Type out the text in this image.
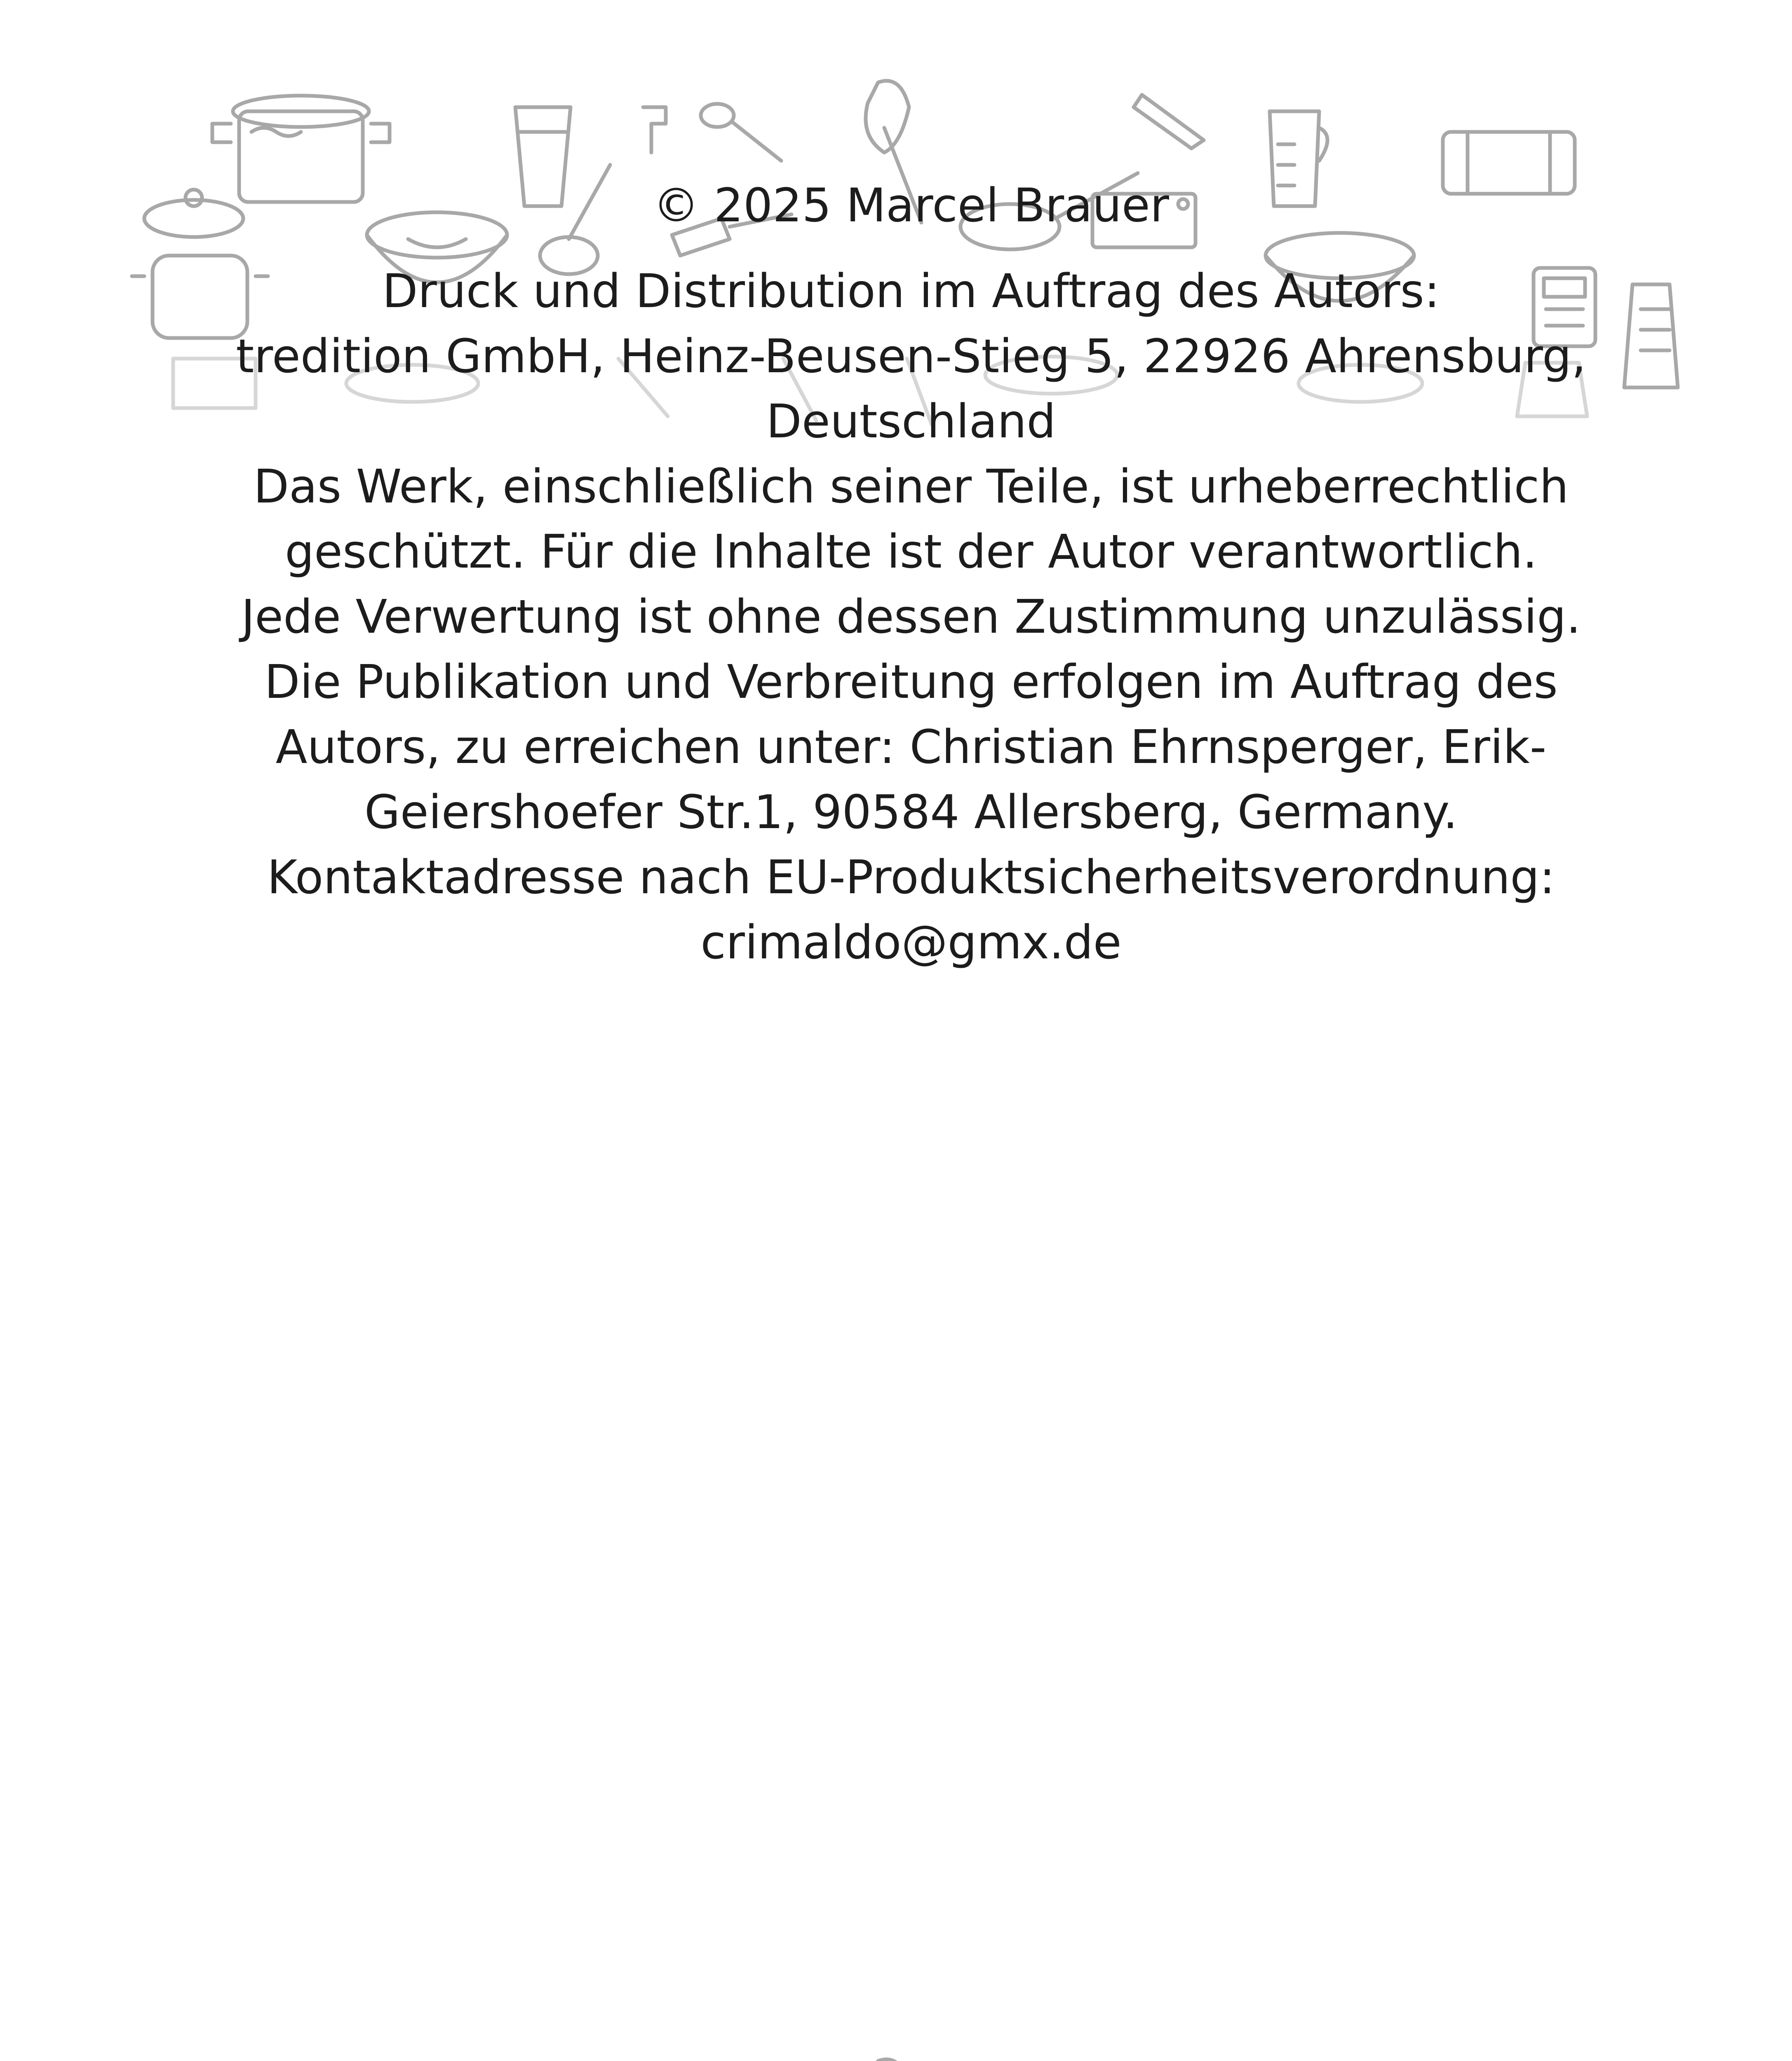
© 2025 Marcel Brauer

Druck und Distribution im Auftrag des Autors:

tredition GmbH, Heinz-Beusen-Stieg 5, 22926 Ahrensburg,

Deutschland

Das Werk, einschließlich seiner Teile, ist urheberrechtlich geschützt. Für die Inhalte ist der Autor verantwortlich. Jede Verwertung ist ohne dessen Zustimmung unzulässig. Die Publikation und Verbreitung erfolgen im Auftrag des Autors, zu erreichen unter: Christian Ehrnsperger, Erik-Geiershoefer Str.1, 90584 Allersberg, Germany. Kontaktadresse nach EU-Produktsicherheitsverordnung: crimaldo@gmx.de
